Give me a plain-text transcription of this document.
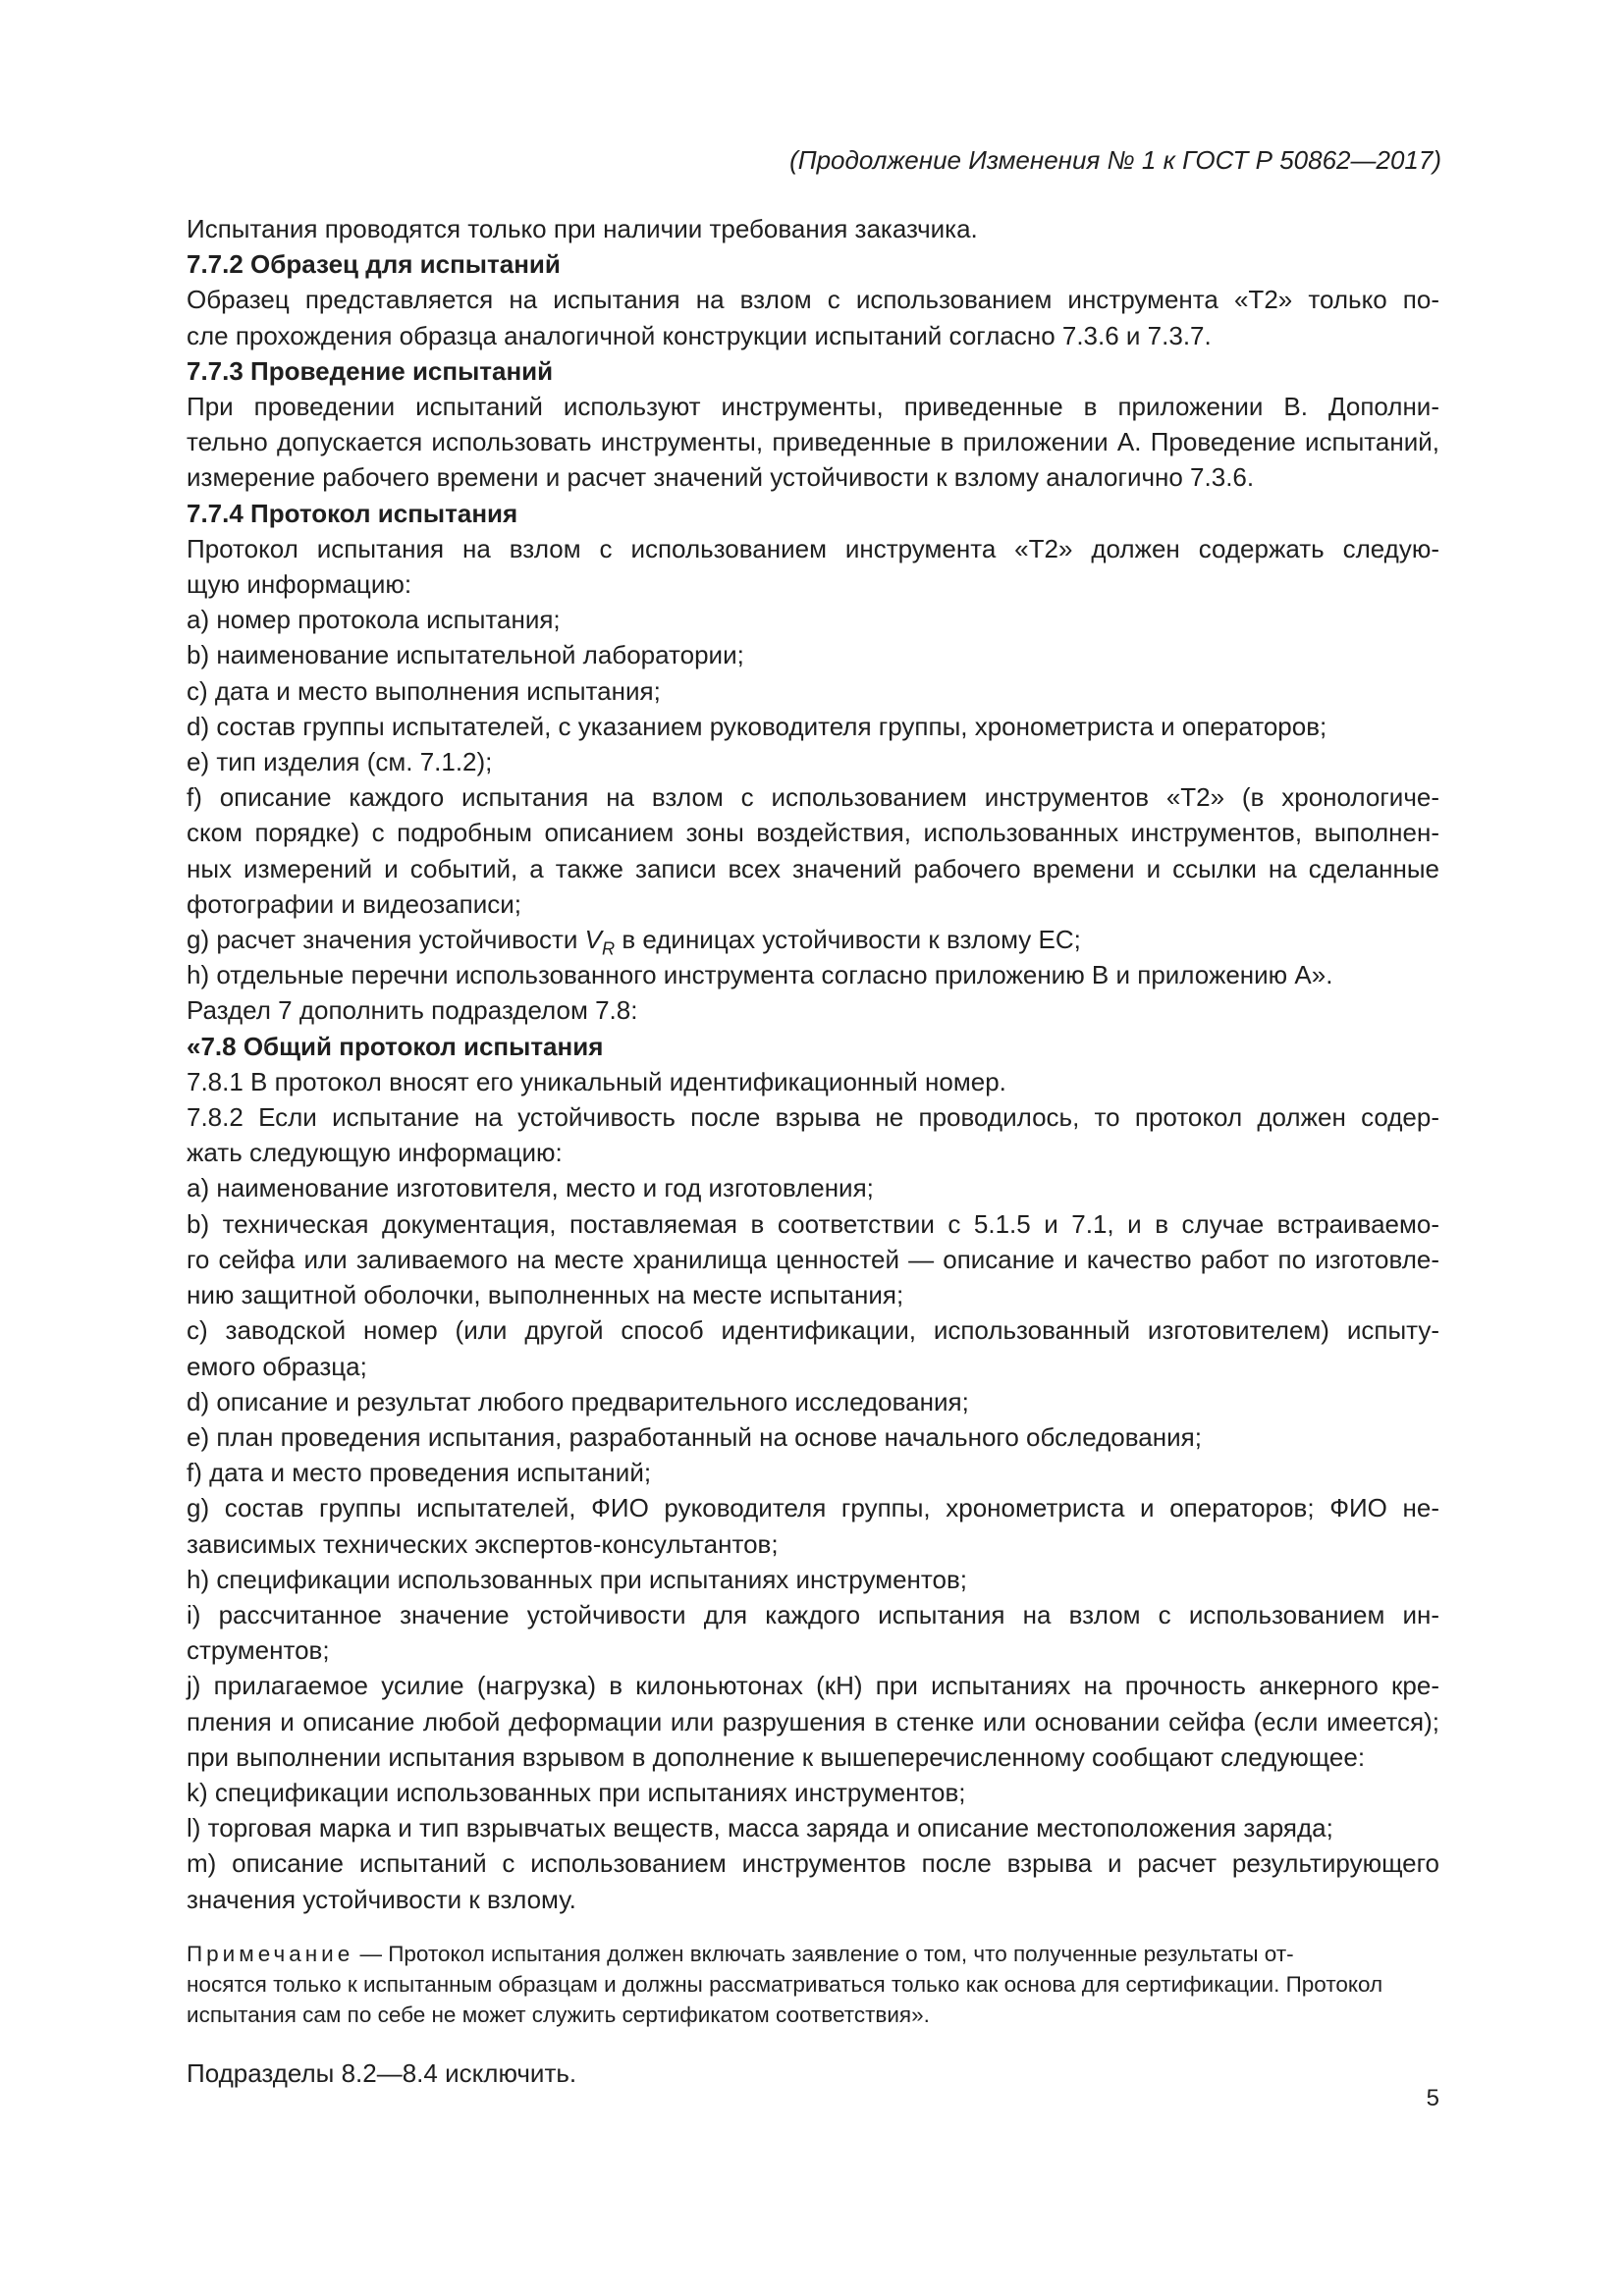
(Продолжение Изменения № 1 к ГОСТ Р 50862—2017)
Испытания проводятся только при наличии требования заказчика.
7.7.2 Образец для испытаний
Образец представляется на испытания на взлом с использованием инструмента «Т2» только по-
сле прохождения образца аналогичной конструкции испытаний согласно 7.3.6 и 7.3.7.
7.7.3 Проведение испытаний
При проведении испытаний используют инструменты, приведенные в приложении В. Дополни-
тельно допускается использовать инструменты, приведенные в приложении А. Проведение испытаний,
измерение рабочего времени и расчет значений устойчивости к взлому аналогично 7.3.6.
7.7.4 Протокол испытания
Протокол испытания на взлом с использованием инструмента «Т2» должен содержать следую-
щую информацию:
a) номер протокола испытания;
b) наименование испытательной лаборатории;
c) дата и место выполнения испытания;
d) состав группы испытателей, с указанием руководителя группы, хронометриста и операторов;
e) тип изделия (см. 7.1.2);
f) описание каждого испытания на взлом с использованием инструментов «Т2» (в хронологиче-
ском порядке) с подробным описанием зоны воздействия, использованных инструментов, выполнен-
ных измерений и событий, а также записи всех значений рабочего времени и ссылки на сделанные
фотографии и видеозаписи;
g) расчет значения устойчивости $V_R$ в единицах устойчивости к взлому ЕС;
h) отдельные перечни использованного инструмента согласно приложению В и приложению А».
Раздел 7 дополнить подразделом 7.8:
«7.8 Общий протокол испытания
7.8.1 В протокол вносят его уникальный идентификационный номер.
7.8.2 Если испытание на устойчивость после взрыва не проводилось, то протокол должен содер-
жать следующую информацию:
a) наименование изготовителя, место и год изготовления;
b) техническая документация, поставляемая в соответствии с 5.1.5 и 7.1, и в случае встраиваемо-
го сейфа или заливаемого на месте хранилища ценностей — описание и качество работ по изготовле-
нию защитной оболочки, выполненных на месте испытания;
c) заводской номер (или другой способ идентификации, использованный изготовителем) испыту-
емого образца;
d) описание и результат любого предварительного исследования;
e) план проведения испытания, разработанный на основе начального обследования;
f) дата и место проведения испытаний;
g) состав группы испытателей, ФИО руководителя группы, хронометриста и операторов; ФИО не-
зависимых технических экспертов-консультантов;
h) спецификации использованных при испытаниях инструментов;
i) рассчитанное значение устойчивости для каждого испытания на взлом с использованием ин-
струментов;
j) прилагаемое усилие (нагрузка) в килоньютонах (кН) при испытаниях на прочность анкерного кре-
пления и описание любой деформации или разрушения в стенке или основании сейфа (если имеется);
при выполнении испытания взрывом в дополнение к вышеперечисленному сообщают следующее:
k) спецификации использованных при испытаниях инструментов;
l) торговая марка и тип взрывчатых веществ, масса заряда и описание местоположения заряда;
m) описание испытаний с использованием инструментов после взрыва и расчет результирующего
значения устойчивости к взлому.
Примечание — Протокол испытания должен включать заявление о том, что полученные результаты от-
носятся только к испытанным образцам и должны рассматриваться только как основа для сертификации. Протокол
испытания сам по себе не может служить сертификатом соответствия».
Подразделы 8.2—8.4 исключить.
5
